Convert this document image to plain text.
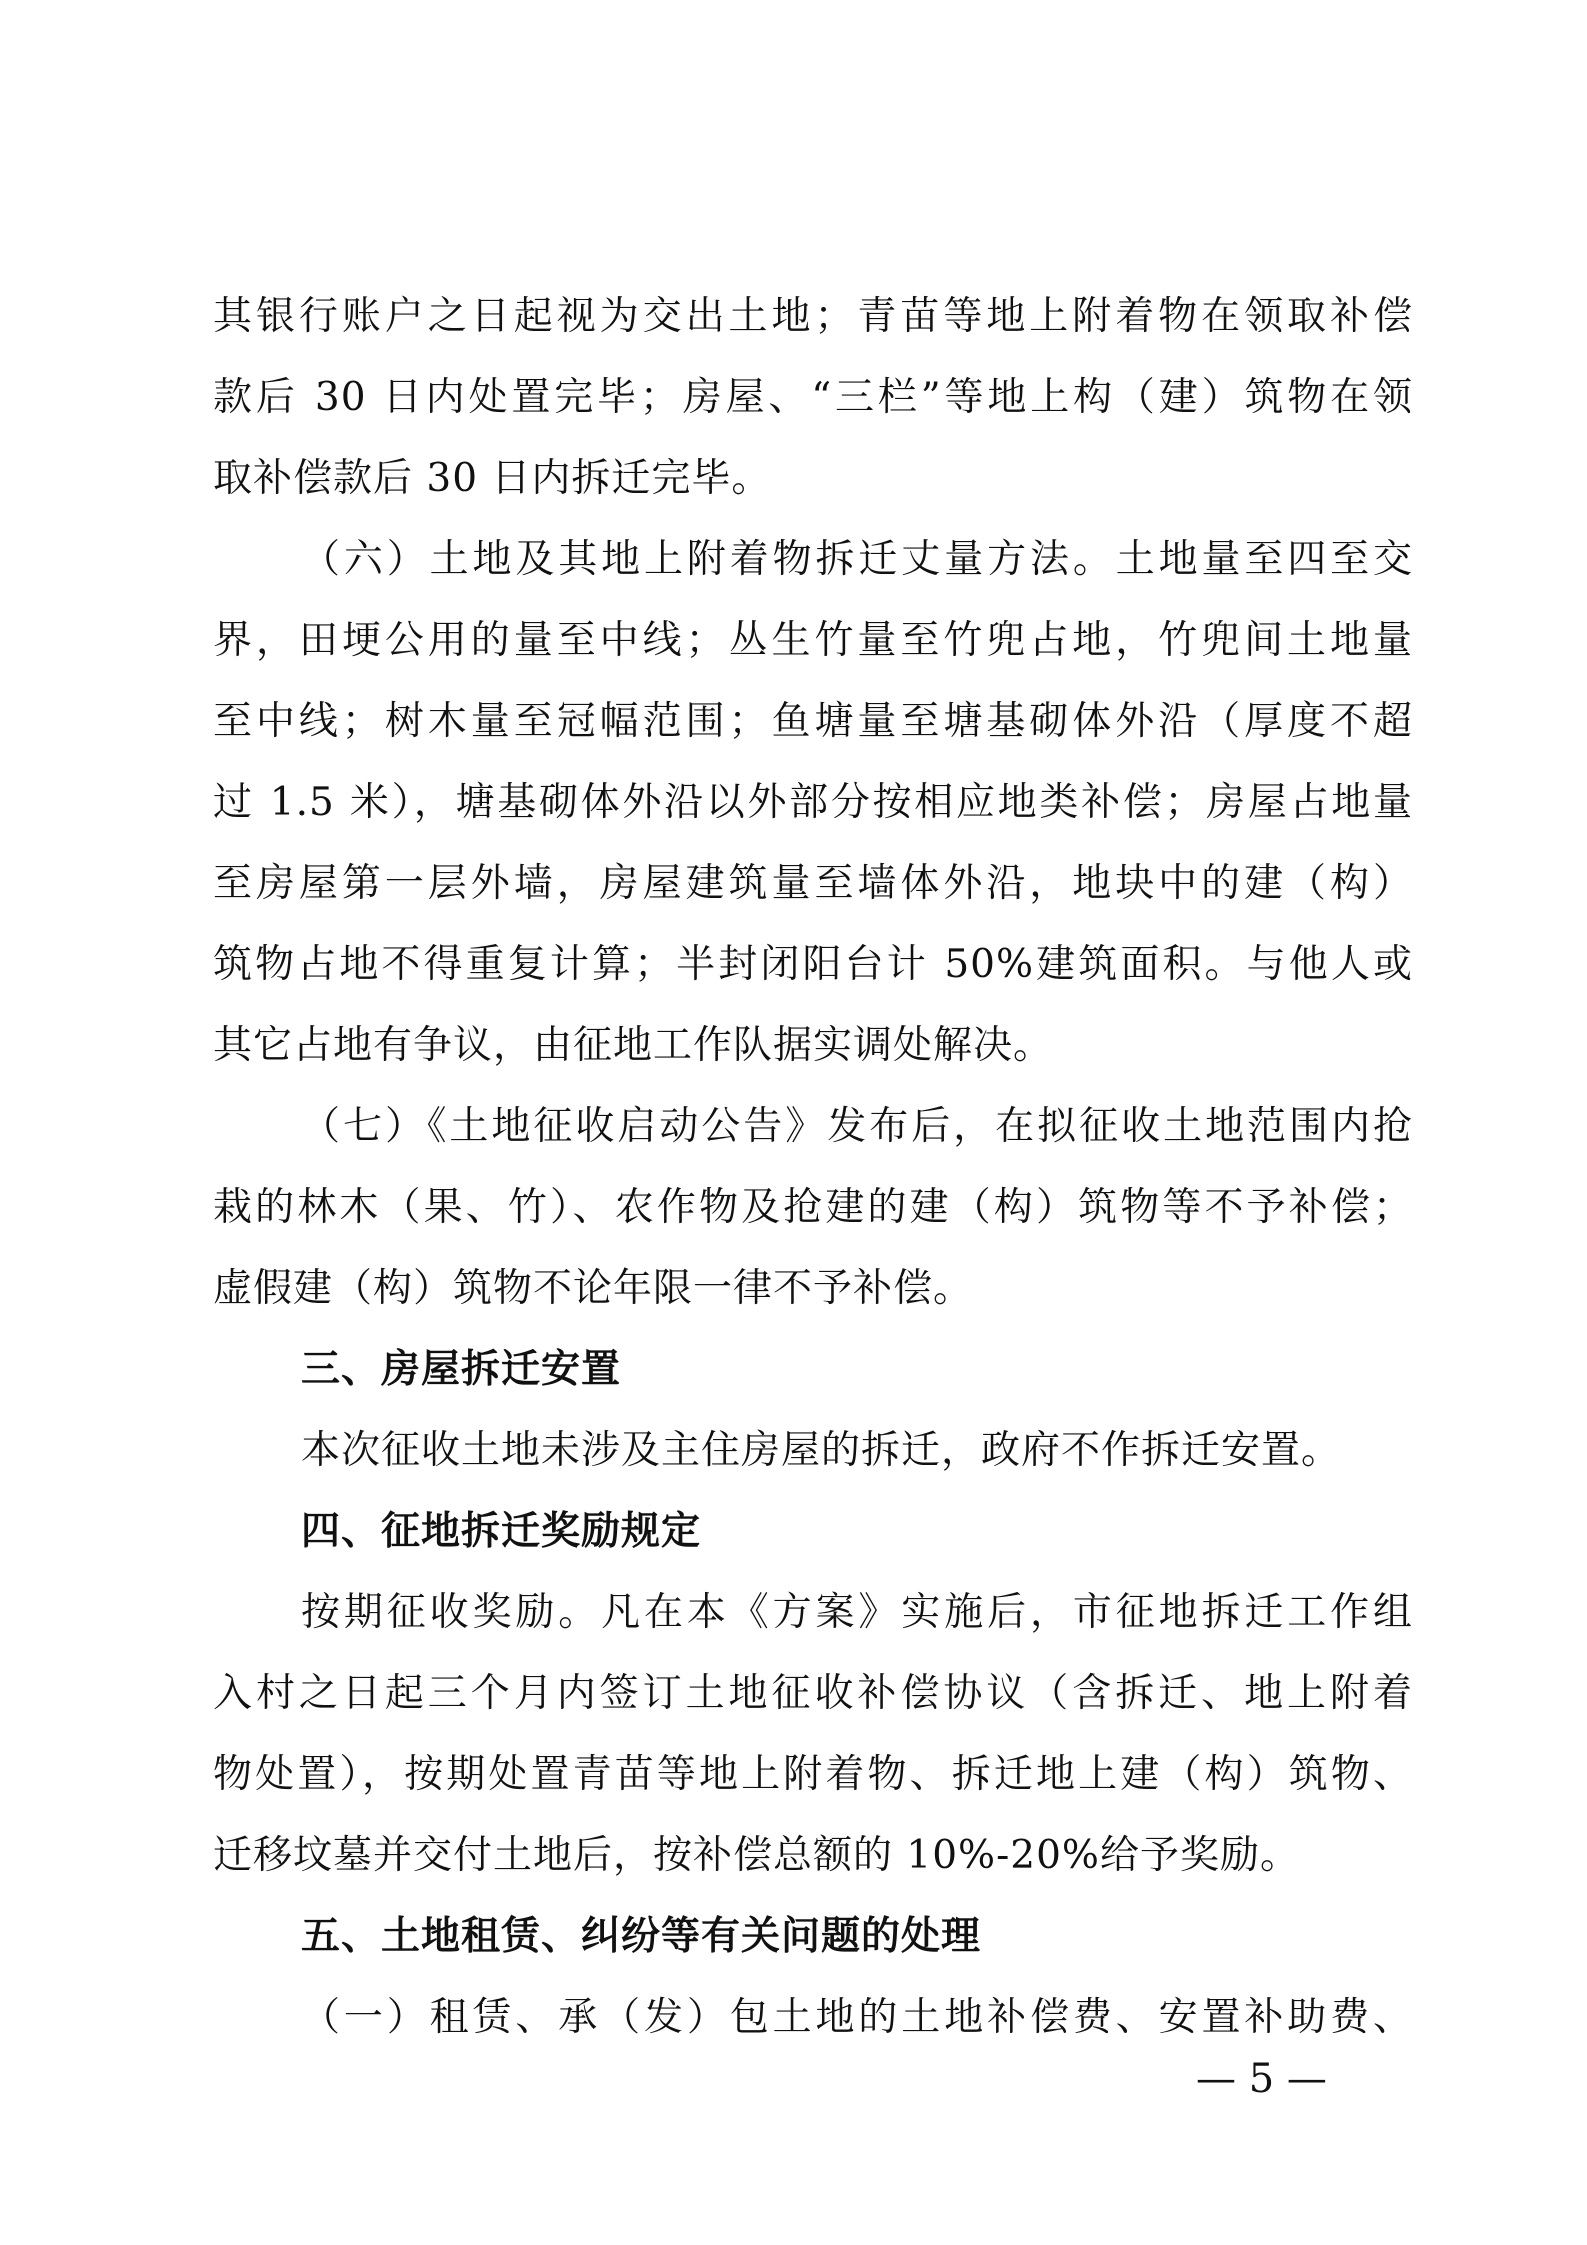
其银行账户之日起视为交出土地；青苗等地上附着物在领取补偿
款后 30 日内处置完毕；房屋、“三栏”等地上构（建）筑物在领
取补偿款后 30 日内拆迁完毕。
（六）土地及其地上附着物拆迁丈量方法。土地量至四至交
界，田埂公用的量至中线；丛生竹量至竹兜占地，竹兜间土地量
至中线；树木量至冠幅范围；鱼塘量至塘基砌体外沿（厚度不超
过 1.5 米），塘基砌体外沿以外部分按相应地类补偿；房屋占地量
至房屋第一层外墙，房屋建筑量至墙体外沿，地块中的建（构）
筑物占地不得重复计算；半封闭阳台计 50%建筑面积。与他人或
其它占地有争议，由征地工作队据实调处解决。
（七）《土地征收启动公告》发布后，在拟征收土地范围内抢
栽的林木（果、竹）、农作物及抢建的建（构）筑物等不予补偿；
虚假建（构）筑物不论年限一律不予补偿。
三、房屋拆迁安置
本次征收土地未涉及主住房屋的拆迁，政府不作拆迁安置。
四、征地拆迁奖励规定
按期征收奖励。凡在本《方案》实施后，市征地拆迁工作组
入村之日起三个月内签订土地征收补偿协议（含拆迁、地上附着
物处置），按期处置青苗等地上附着物、拆迁地上建（构）筑物、
迁移坟墓并交付土地后，按补偿总额的 10%-20%给予奖励。
五、土地租赁、纠纷等有关问题的处理
（一）租赁、承（发）包土地的土地补偿费、安置补助费、
— 5 —
